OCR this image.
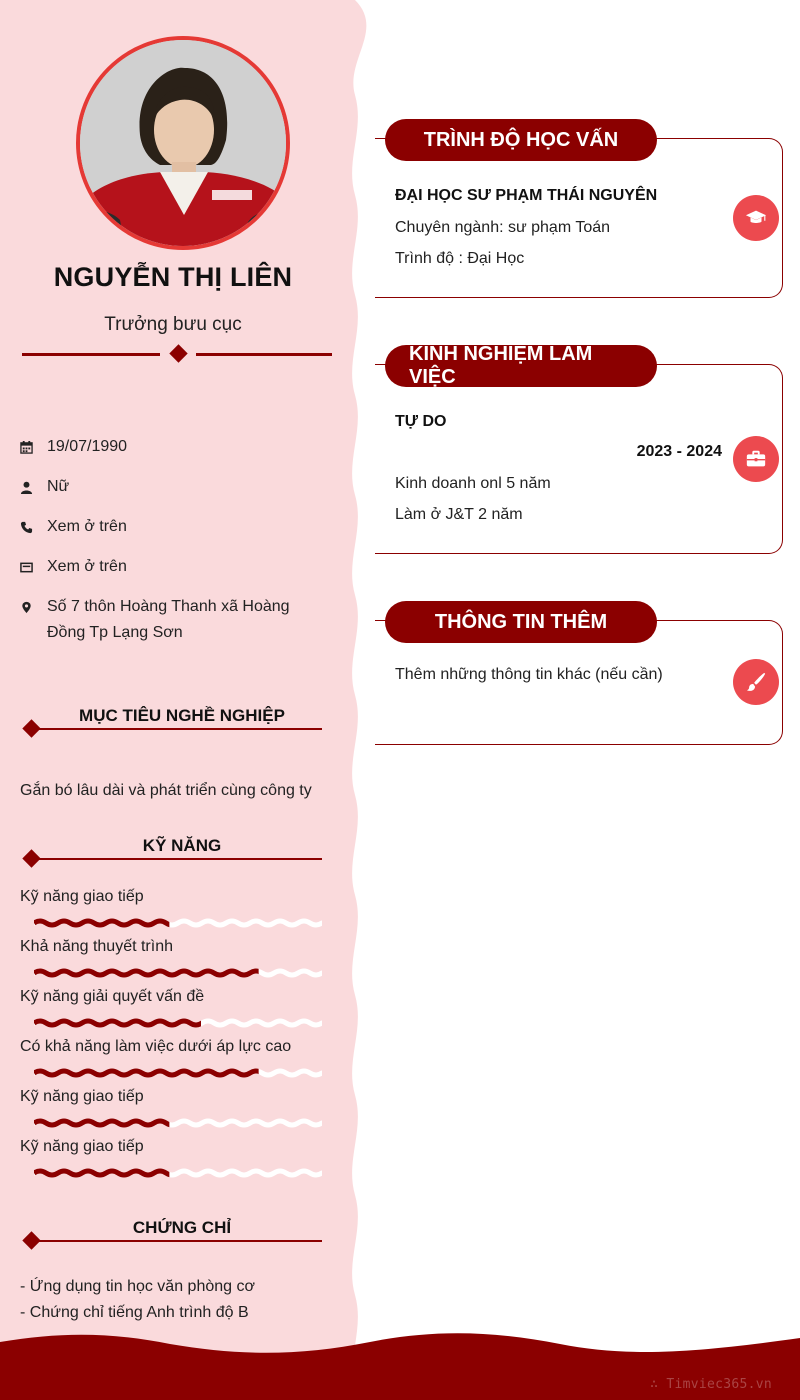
NGUYỄN THỊ LIÊN
Trưởng bưu cục
19/07/1990
Nữ
Xem ở trên
Xem ở trên
Số 7 thôn Hoàng Thanh xã Hoàng Đồng Tp Lạng Sơn
MỤC TIÊU NGHỀ NGHIỆP
Gắn bó lâu dài và phát triển cùng công ty
KỸ NĂNG
Kỹ năng giao tiếp
Khả năng thuyết trình
Kỹ năng giải quyết vấn đề
Có khả năng làm việc dưới áp lực cao
Kỹ năng giao tiếp
Kỹ năng giao tiếp
CHỨNG CHỈ
- Ứng dụng tin học văn phòng cơ
- Chứng chỉ tiếng Anh trình độ B
TRÌNH ĐỘ HỌC VẤN
ĐẠI HỌC SƯ PHẠM THÁI NGUYÊN
Chuyên ngành: sư phạm Toán
Trình độ : Đại Học
KINH NGHIỆM LÀM VIỆC
TỰ DO
2023 - 2024
Kinh doanh onl 5 năm
Làm ở J&T 2 năm
THÔNG TIN THÊM
Thêm những thông tin khác (nếu cần)
∴ Timviec365.vn
